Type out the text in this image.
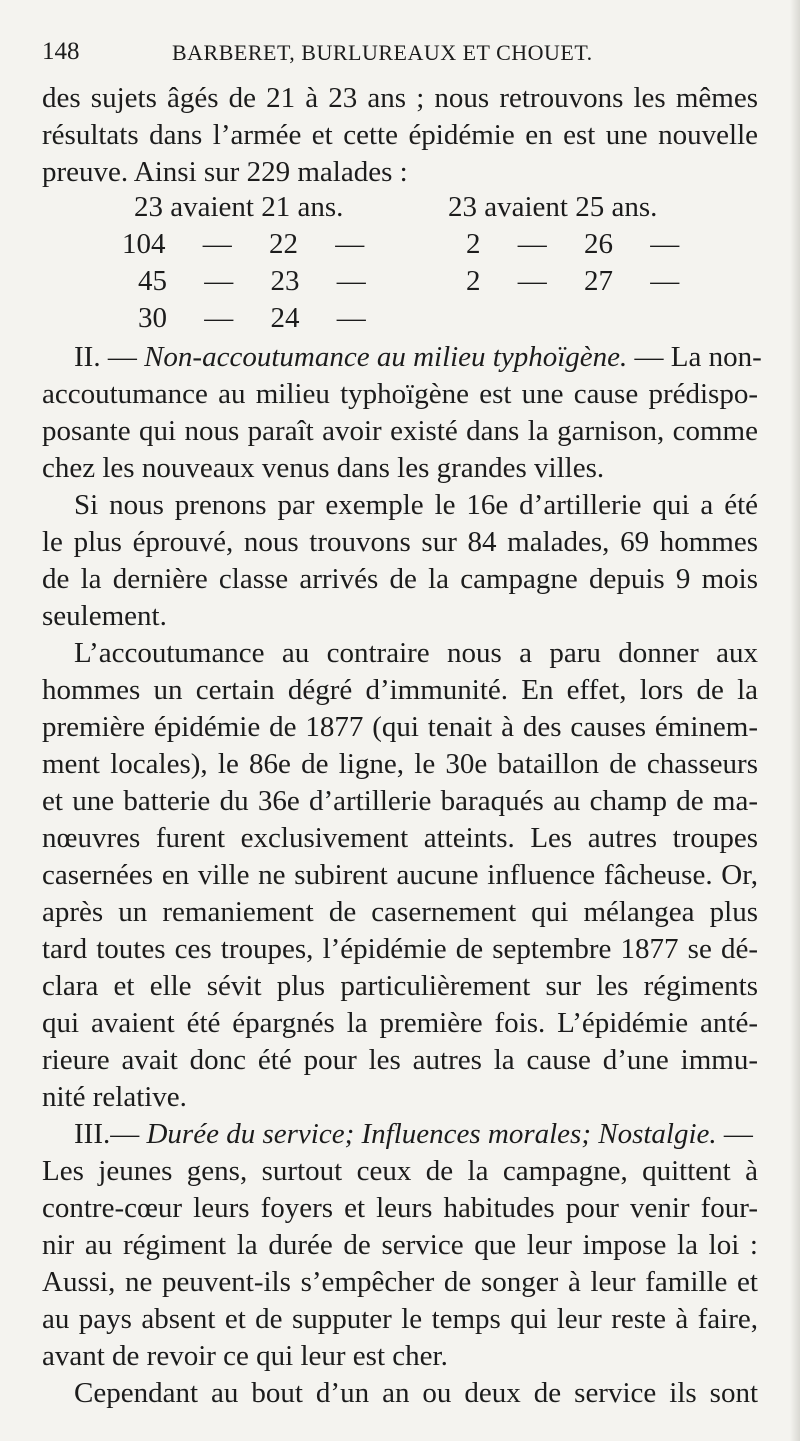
148	BARBERET, BURLUREAUX ET CHOUET.
des sujets âgés de 21 à 23 ans ; nous retrouvons les mêmes
résultats dans l’armée et cette épidémie en est une nouvelle
preuve. Ainsi sur 229 malades :
23 avaient 21 ans.	23 avaient 25 ans.
104 — 22 —	2 — 26 —
45 — 23 —	2 — 27 —
30 — 24 —
II. — Non-accoutumance au milieu typhoïgène. — La non-
accoutumance au milieu typhoïgène est une cause prédispo-
posante qui nous paraît avoir existé dans la garnison, comme
chez les nouveaux venus dans les grandes villes.
Si nous prenons par exemple le 16e d’artillerie qui a été
le plus éprouvé, nous trouvons sur 84 malades, 69 hommes
de la dernière classe arrivés de la campagne depuis 9 mois
seulement.
L’accoutumance au contraire nous a paru donner aux
hommes un certain dégré d’immunité. En effet, lors de la
première épidémie de 1877 (qui tenait à des causes éminem-
ment locales), le 86e de ligne, le 30e bataillon de chasseurs
et une batterie du 36e d’artillerie baraqués au champ de ma-
nœuvres furent exclusivement atteints. Les autres troupes
casernées en ville ne subirent aucune influence fâcheuse. Or,
après un remaniement de casernement qui mélangea plus
tard toutes ces troupes, l’épidémie de septembre 1877 se dé-
clara et elle sévit plus particulièrement sur les régiments
qui avaient été épargnés la première fois. L’épidémie anté-
rieure avait donc été pour les autres la cause d’une immu-
nité relative.
III.— Durée du service; Influences morales; Nostalgie. —
Les jeunes gens, surtout ceux de la campagne, quittent à
contre-cœur leurs foyers et leurs habitudes pour venir four-
nir au régiment la durée de service que leur impose la loi :
Aussi, ne peuvent-ils s’empêcher de songer à leur famille et
au pays absent et de supputer le temps qui leur reste à faire,
avant de revoir ce qui leur est cher.
Cependant au bout d’un an ou deux de service ils sont
